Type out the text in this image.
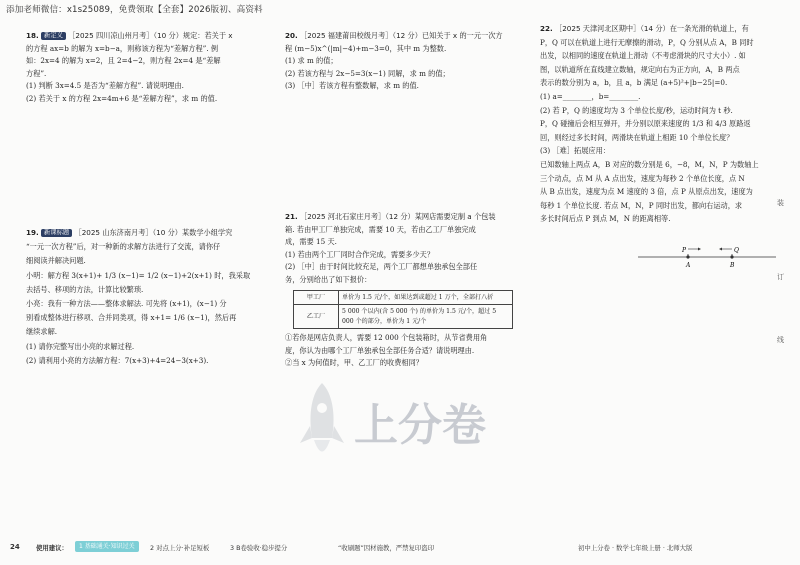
添加老师微信：x1s25089，免费领取【全套】2026版初、高资料

18. 新定义 ［2025 四川凉山州月考］（10 分）规定：若关于 x

的方程 ax=b 的解为 x=b−a，则称该方程为“差解方程”. 例

如：2x=4 的解为 x=2，且 2=4−2，则方程 2x=4 是“差解

方程”.

(1) 判断 3x=4.5 是否为“差解方程”. 请说明理由.

(2) 若关于 x 的方程 2x=4m+6 是“差解方程”，求 m 的值.

19. 新课标题 ［2025 山东济南月考］（10 分）某数学小组学究

“一元一次方程”后，对一种新的求解方法进行了交流，请你仔

细阅读并解决问题.

小明：解方程 3(x+1)+ 1/3 (x−1)= 1/2 (x−1)+2(x+1) 时，我采取

去括号、移项的方法，计算比较繁琐.

小亮：我有一种方法——整体求解法. 可先将 (x+1)，(x−1) 分

别看成整体进行移项、合并同类项，得 x+1= 1/6 (x−1)，然后再

继续求解.

(1) 请你完整写出小亮的求解过程.

(2) 请利用小亮的方法解方程：7(x+3)+4=24−3(x+3).

20. ［2025 福建莆田校级月考］（12 分）已知关于 x 的一元一次方

程 (m−5)x^(|m|−4)+m−3=0，其中 m 为整数.

(1) 求 m 的值；

(2) 若该方程与 2x−5=3(x−1) 同解，求 m 的值；

(3) ［中］若该方程有整数解，求 m 的值.

21. ［2025 河北石家庄月考］（12 分）某网店需要定制 a 个包装

箱. 若由甲工厂单独完成，需要 10 天，若由乙工厂单独完成

成，需要 15 天.

(1) 若由两个工厂同时合作完成，需要多少天？

(2) ［中］由于时间比较充足，两个工厂都想单独承包全部任

务，分别给出了如下报价：

甲工厂	单价为 1.5 元/个，如果达到或超过 1 万个，全部打八折
乙工厂	5 000 个以内(含 5 000 个) 的单价为 1.5 元/个，超过 5 000 个的部分，单价为 1 元/个

①若你是网店负责人，需要 12 000 个包装箱时，从节省费用角

度，你认为由哪个工厂单独承包全部任务合适？请说明理由.

②当 x 为何值时，甲、乙工厂的收费相同？

上分卷

22. ［2025 天津河北区期中］（14 分）在一条光滑的轨道上，有

P，Q 可以在轨道上进行无摩擦的滑动，P，Q 分别从点 A，B 同时

出发，以相同的速度在轨道上滑动（不考虑滑块的尺寸大小）. 如

图，以轨道所在直线建立数轴，规定向右为正方向，A，B 两点

表示的数分别为 a，b，且 a，b 满足 (a+5)²+|b−25|=0.

(1) a=________，b=________.

(2) 若 P，Q 的速度均为 3 个单位长度/秒，运动时间为 t 秒.

P，Q 碰撞后会相互弹开，并分别以原来速度的 1/3 和 4/3 原路返

回，则经过多长时间，两滑块在轨道上相距 10 个单位长度？

(3) ［难］拓展应用：

已知数轴上两点 A，B 对应的数分别是 6，−8，M，N，P 为数轴上

三个动点，点 M 从 A 点出发，速度为每秒 2 个单位长度，点 N

从 B 点出发，速度为点 M 速度的 3 倍，点 P 从原点出发，速度为

每秒 1 个单位长度. 若点 M，N，P 同时出发，都向右运动，求

多长时间后点 P 到点 M，N 的距离相等.

P	Q
A	B
装
订
线
24	使用建议：	1 基础通关·知识过关	2 对点上分·补足短板	3 B卷验收·稳步提分	“收刷题”因材施教，严禁复印盗印	初中上分卷 · 数学七年级上册 · 北师大版
